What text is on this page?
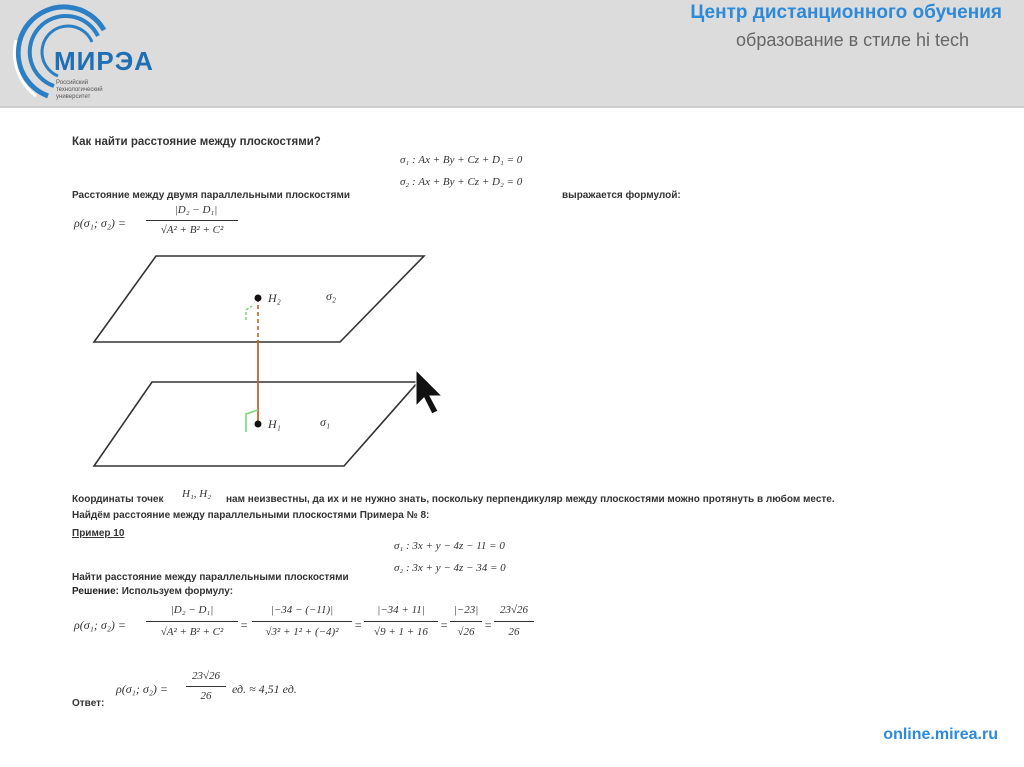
МИРЭА
Российский технологический университет
Центр дистанционного обучения
образование в стиле hi tech
Как найти расстояние между плоскостями?
σ₁ : Ax + By + Cz + D₁ = 0
σ₂ : Ax + By + Cz + D₂ = 0
Расстояние между двумя параллельными плоскостями	выражается формулой:
ρ(σ₁; σ₂) =
|D₂ − D₁|
√A² + B² + C²
H₂	σ₂
H₁	σ₁
Координаты точек H₁, H₂ нам неизвестны, да их и не нужно знать, поскольку перпендикуляр между плоскостями можно протянуть в любом месте.
Найдём расстояние между параллельными плоскостями Примера № 8:
Пример 10
σ₁ : 3x + y − 4z − 11 = 0
σ₂ : 3x + y − 4z − 34 = 0
Найти расстояние между параллельными плоскостями
Решение: Используем формулу:
ρ(σ₁; σ₂) =
|D₂ − D₁|
√A² + B² + C²	=
|−34 − (−11)|
√3² + 1² + (−4)²	=
|−34 + 11|
√9 + 1 + 16	=
|−23|
√26 =
23√26
26
Ответ:
ρ(σ₁; σ₂) =
23√26
26	ед. ≈ 4,51 ед.
online.mirea.ru
